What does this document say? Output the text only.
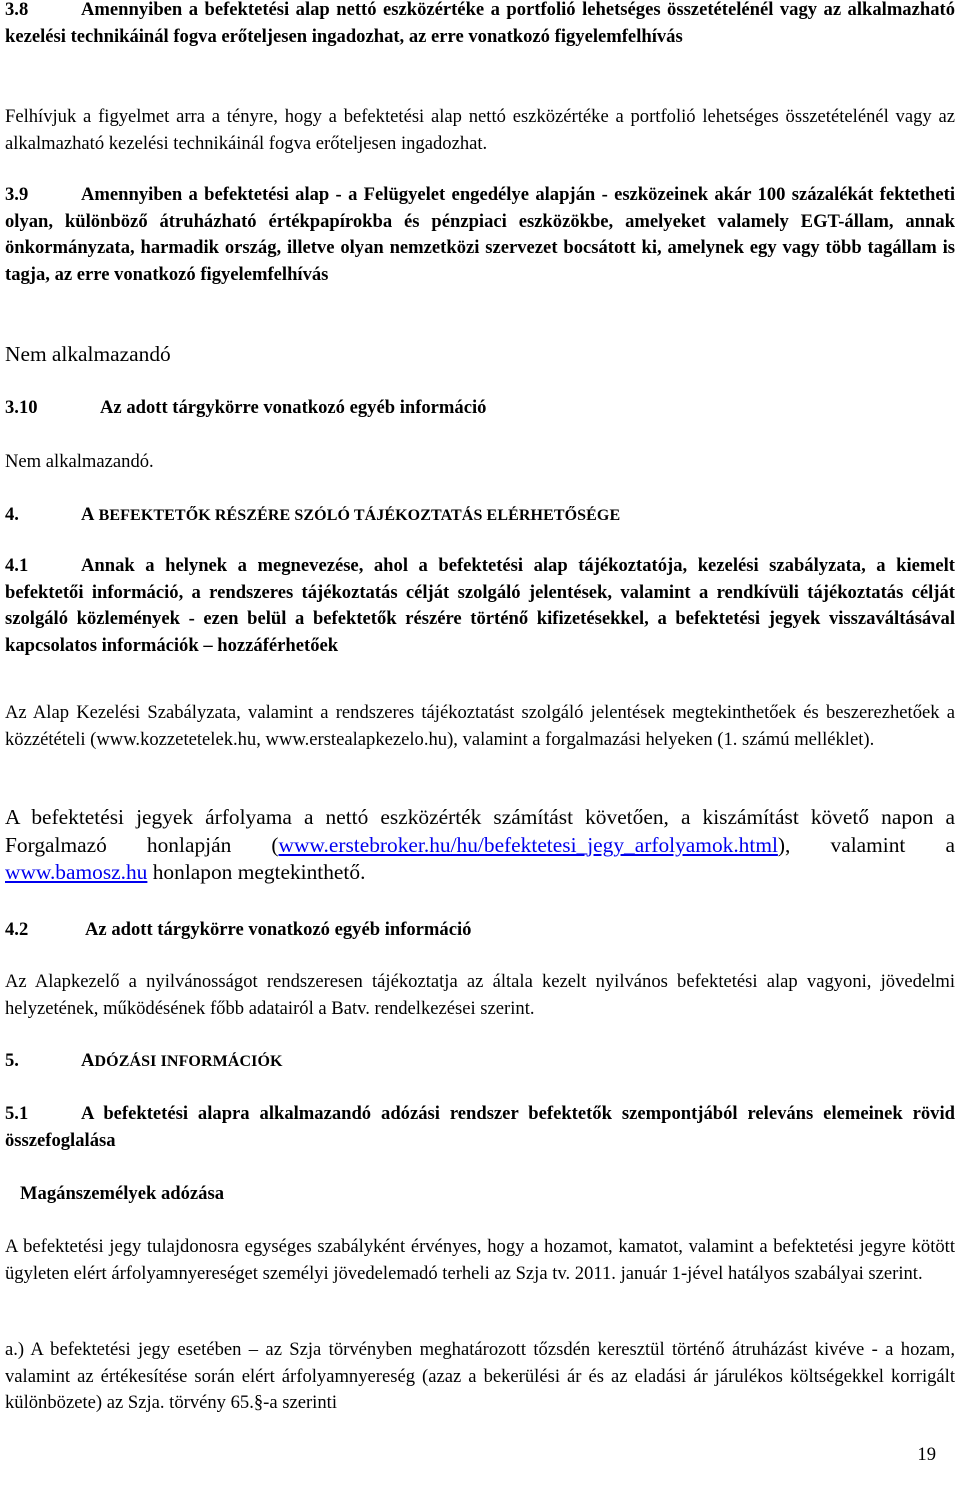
3.8	Amennyiben a befektetési alap nettó eszközértéke a portfolió lehetséges összetételénél vagy az alkalmazható kezelési technikáinál fogva erőteljesen ingadozhat, az erre vonatkozó figyelemfelhívás

Felhívjuk a figyelmet arra a tényre, hogy a befektetési alap nettó eszközértéke a portfolió lehetséges összetételénél vagy az alkalmazható kezelési technikáinál fogva erőteljesen ingadozhat.

3.9	Amennyiben a befektetési alap - a Felügyelet engedélye alapján - eszközeinek akár 100 százalékát fektetheti olyan, különböző átruházható értékpapírokba és pénzpiaci eszközökbe, amelyeket valamely EGT-állam, annak önkormányzata, harmadik ország, illetve olyan nemzetközi szervezet bocsátott ki, amelynek egy vagy több tagállam is tagja, az erre vonatkozó figyelemfelhívás

Nem alkalmazandó

3.10	Az adott tárgykörre vonatkozó egyéb információ

Nem alkalmazandó.

4.	A BEFEKTETŐK RÉSZÉRE SZÓLÓ TÁJÉKOZTATÁS ELÉRHETŐSÉGE

4.1	Annak a helynek a megnevezése, ahol a befektetési alap tájékoztatója, kezelési szabályzata, a kiemelt befektetői információ, a rendszeres tájékoztatás célját szolgáló jelentések, valamint a rendkívüli tájékoztatás célját szolgáló közlemények - ezen belül a befektetők részére történő kifizetésekkel, a befektetési jegyek visszaváltásával kapcsolatos információk – hozzáférhetőek

Az Alap Kezelési Szabályzata, valamint a rendszeres tájékoztatást szolgáló jelentések megtekinthetőek és beszerezhetőek a közzétételi (www.kozzetetelek.hu, www.erstealapkezelo.hu), valamint a forgalmazási helyeken (1. számú melléklet).

A befektetési jegyek árfolyama a nettó eszközérték számítást követően, a kiszámítást követő napon a Forgalmazó honlapján (www.erstebroker.hu/hu/befektetesi_jegy_arfolyamok.html), valamint a www.bamosz.hu honlapon megtekinthető.

4.2	Az adott tárgykörre vonatkozó egyéb információ

Az Alapkezelő a nyilvánosságot rendszeresen tájékoztatja az általa kezelt nyilvános befektetési alap vagyoni, jövedelmi helyzetének, működésének főbb adatairól a Batv. rendelkezései szerint.

5.	ADÓZÁSI INFORMÁCIÓK

5.1	A befektetési alapra alkalmazandó adózási rendszer befektetők szempontjából releváns elemeinek rövid összefoglalása

Magánszemélyek adózása

A befektetési jegy tulajdonosra egységes szabályként érvényes, hogy a hozamot, kamatot, valamint a befektetési jegyre kötött ügyleten elért árfolyamnyereséget személyi jövedelemadó terheli az Szja tv. 2011. január 1-jével hatályos szabályai szerint.

a.) A befektetési jegy esetében – az Szja törvényben meghatározott tőzsdén keresztül történő átruházást kivéve - a hozam, valamint az értékesítése során elért árfolyamnyereség (azaz a bekerülési ár és az eladási ár járulékos költségekkel korrigált különbözete) az Szja. törvény 65.§-a szerinti

19
